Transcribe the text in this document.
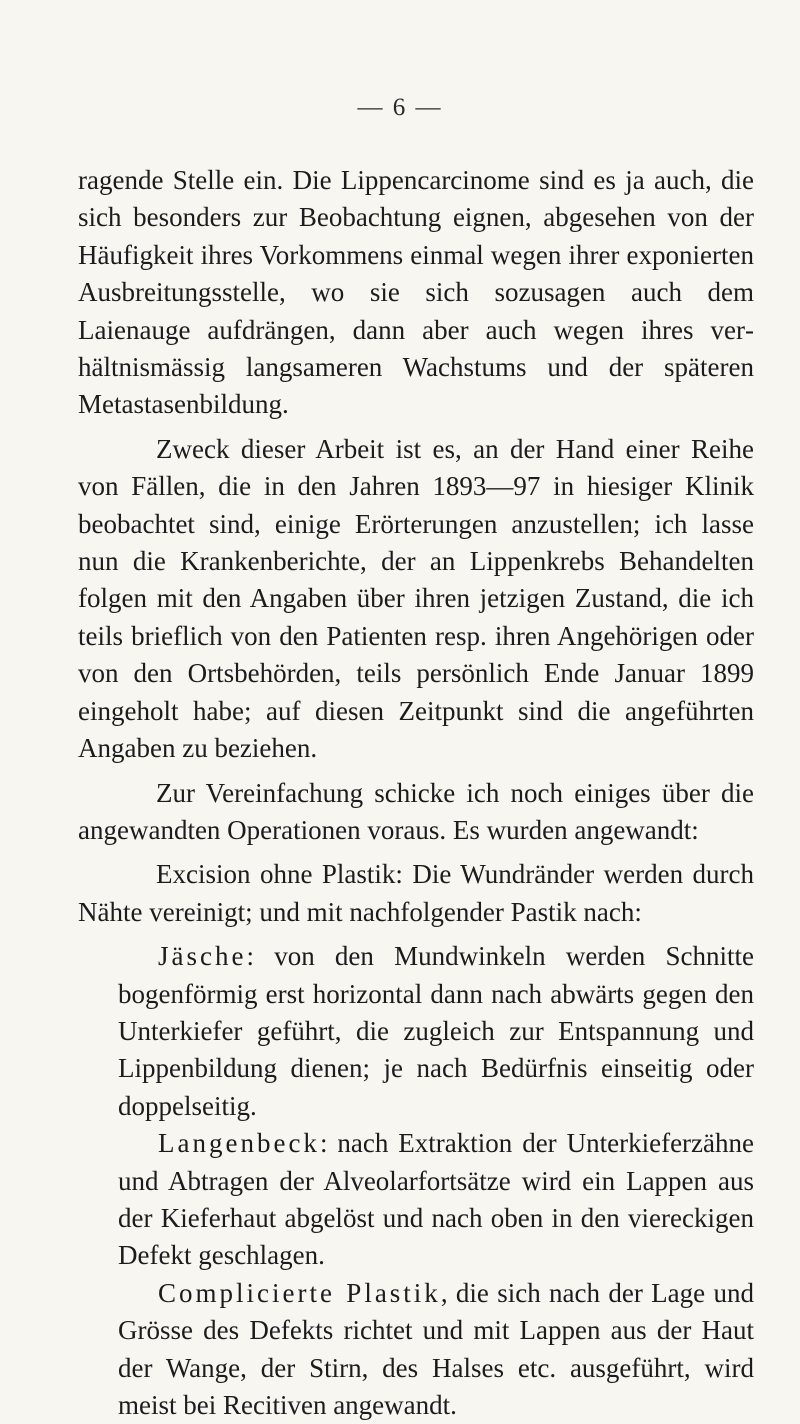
— 6 —

ragende Stelle ein. Die Lippencarcinome sind es ja auch, die sich besonders zur Beobachtung eignen, abgesehen von der Häufigkeit ihres Vorkommens einmal wegen ihrer exponierten Ausbreitungsstelle, wo sie sich sozusagen auch dem Laienauge aufdrängen, dann aber auch wegen ihres verhältnismässig langsameren Wachstums und der späteren Metastasenbildung.

Zweck dieser Arbeit ist es, an der Hand einer Reihe von Fällen, die in den Jahren 1893—97 in hiesiger Klinik beobachtet sind, einige Erörterungen anzustellen; ich lasse nun die Krankenberichte, der an Lippenkrebs Behandelten folgen mit den Angaben über ihren jetzigen Zustand, die ich teils brieflich von den Patienten resp. ihren Angehörigen oder von den Ortsbehörden, teils persönlich Ende Januar 1899 eingeholt habe; auf diesen Zeitpunkt sind die angeführten Angaben zu beziehen.

Zur Vereinfachung schicke ich noch einiges über die angewandten Operationen voraus. Es wurden angewandt:

Excision ohne Plastik: Die Wundränder werden durch Nähte vereinigt; und mit nachfolgender Pastik nach:

Jäsche: von den Mundwinkeln werden Schnitte bogenförmig erst horizontal dann nach abwärts gegen den Unterkiefer geführt, die zugleich zur Entspannung und Lippenbildung dienen; je nach Bedürfnis einseitig oder doppelseitig.

Langenbeck: nach Extraktion der Unterkieferzähne und Abtragen der Alveolarfortsätze wird ein Lappen aus der Kieferhaut abgelöst und nach oben in den viereckigen Defekt geschlagen.

Complicierte Plastik, die sich nach der Lage und Grösse des Defekts richtet und mit Lappen aus der Haut der Wange, der Stirn, des Halses etc. ausgeführt, wird meist bei Recitiven angewandt.
